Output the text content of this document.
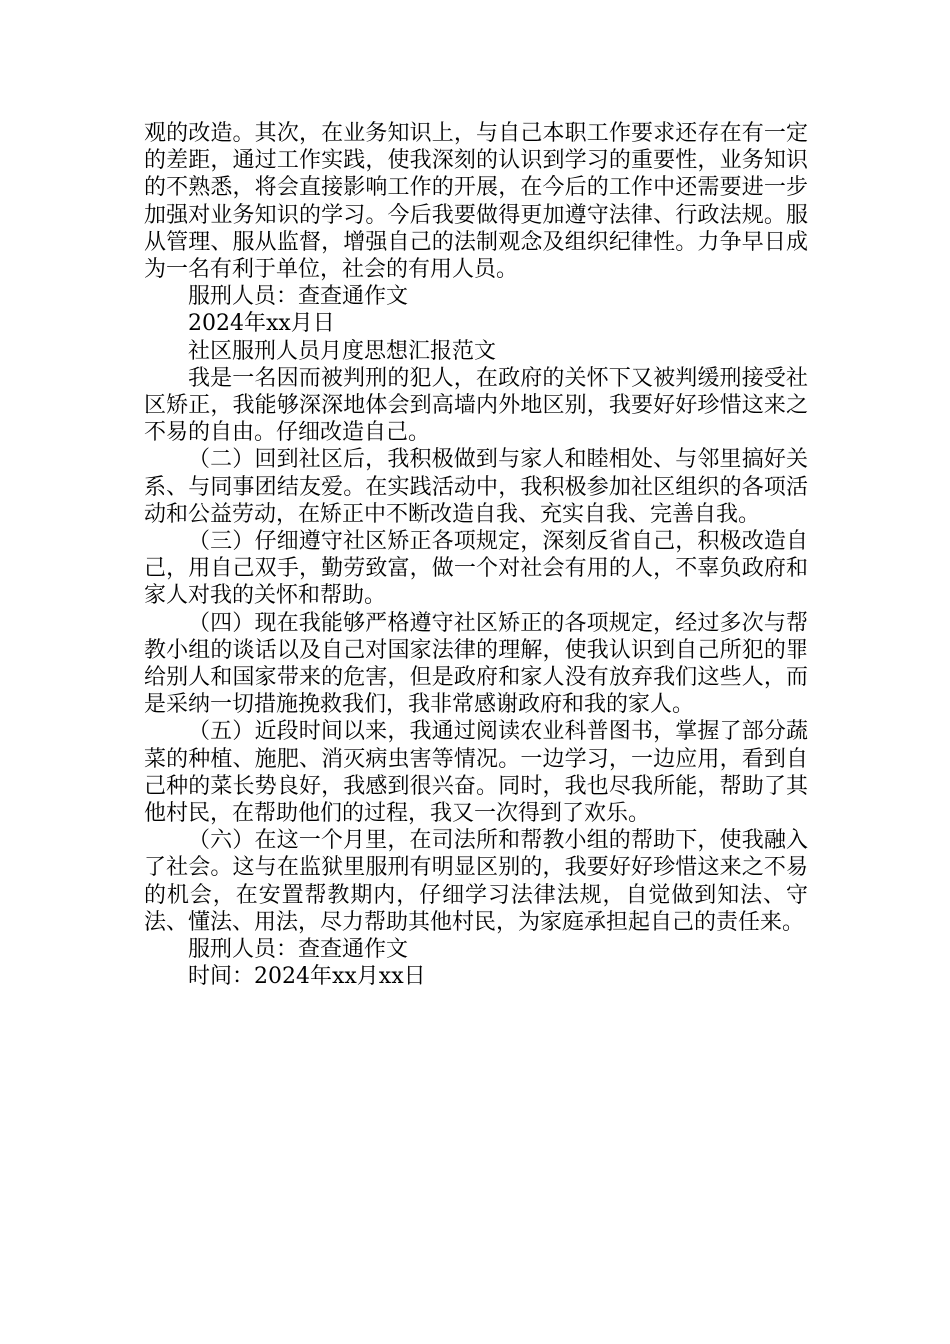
观的改造。其次，在业务知识上，与自己本职工作要求还存在有一定的差距，通过工作实践，使我深刻的认识到学习的重要性，业务知识的不熟悉，将会直接影响工作的开展，在今后的工作中还需要进一步加强对业务知识的学习。今后我要做得更加遵守法律、行政法规。服从管理、服从监督，增强自己的法制观念及组织纪律性。力争早日成为一名有利于单位，社会的有用人员。

服刑人员：查查通作文

2024年xx月日

社区服刑人员月度思想汇报范文

我是一名因而被判刑的犯人，在政府的关怀下又被判缓刑接受社区矫正，我能够深深地体会到高墙内外地区别，我要好好珍惜这来之不易的自由。仔细改造自己。

（二）回到社区后，我积极做到与家人和睦相处、与邻里搞好关系、与同事团结友爱。在实践活动中，我积极参加社区组织的各项活动和公益劳动，在矫正中不断改造自我、充实自我、完善自我。

（三）仔细遵守社区矫正各项规定，深刻反省自己，积极改造自己，用自己双手，勤劳致富，做一个对社会有用的人，不辜负政府和家人对我的关怀和帮助。

（四）现在我能够严格遵守社区矫正的各项规定，经过多次与帮教小组的谈话以及自己对国家法律的理解，使我认识到自己所犯的罪给别人和国家带来的危害，但是政府和家人没有放弃我们这些人，而是采纳一切措施挽救我们，我非常感谢政府和我的家人。

（五）近段时间以来，我通过阅读农业科普图书，掌握了部分蔬菜的种植、施肥、消灭病虫害等情况。一边学习，一边应用，看到自己种的菜长势良好，我感到很兴奋。同时，我也尽我所能，帮助了其他村民，在帮助他们的过程，我又一次得到了欢乐。

（六）在这一个月里，在司法所和帮教小组的帮助下，使我融入了社会。这与在监狱里服刑有明显区别的，我要好好珍惜这来之不易的机会，在安置帮教期内，仔细学习法律法规，自觉做到知法、守法、懂法、用法，尽力帮助其他村民，为家庭承担起自己的责任来。

服刑人员：查查通作文

时间：2024年xx月xx日
